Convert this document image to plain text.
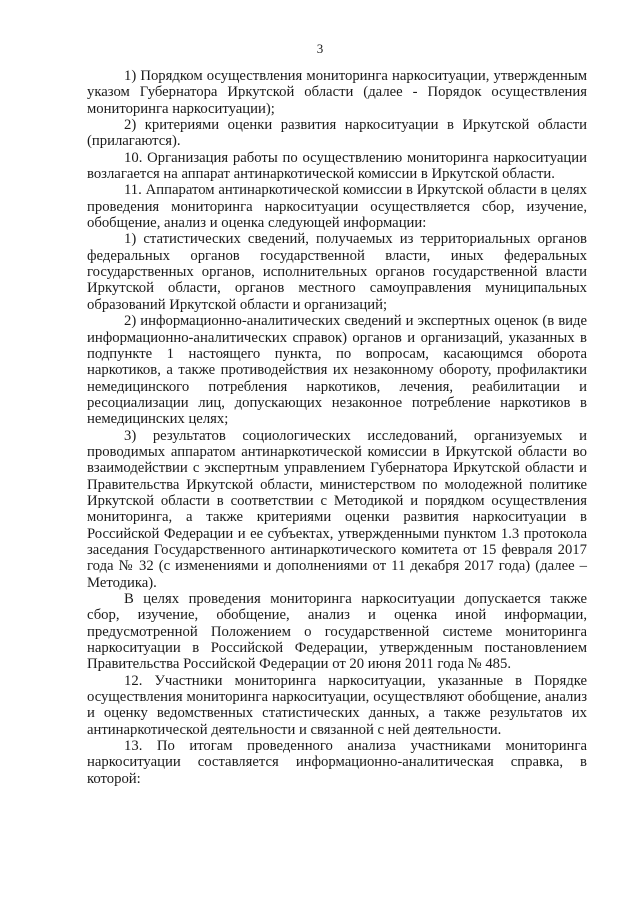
3

1) Порядком осуществления мониторинга наркоситуации, утвержденным указом Губернатора Иркутской области (далее - Порядок осуществления мониторинга наркоситуации);

2) критериями оценки развития наркоситуации в Иркутской области (прилагаются).

10. Организация работы по осуществлению мониторинга наркоситуации возлагается на аппарат антинаркотической комиссии в Иркутской области.

11. Аппаратом антинаркотической комиссии в Иркутской области в целях проведения мониторинга наркоситуации осуществляется сбор, изучение, обобщение, анализ и оценка следующей информации:

1) статистических сведений, получаемых из территориальных органов федеральных органов государственной власти, иных федеральных государственных органов, исполнительных органов государственной власти Иркутской области, органов местного самоуправления муниципальных образований Иркутской области и организаций;

2) информационно-аналитических сведений и экспертных оценок (в виде информационно-аналитических справок) органов и организаций, указанных в подпункте 1 настоящего пункта, по вопросам, касающимся оборота наркотиков, а также противодействия их незаконному обороту, профилактики немедицинского потребления наркотиков, лечения, реабилитации и ресоциализации лиц, допускающих незаконное потребление наркотиков в немедицинских целях;

3) результатов социологических исследований, организуемых и проводимых аппаратом антинаркотической комиссии в Иркутской области во взаимодействии с экспертным управлением Губернатора Иркутской области и Правительства Иркутской области, министерством по молодежной политике Иркутской области в соответствии с Методикой и порядком осуществления мониторинга, а также критериями оценки развития наркоситуации в Российской Федерации и ее субъектах, утвержденными пунктом 1.3 протокола заседания Государственного антинаркотического комитета от 15 февраля 2017 года № 32 (с изменениями и дополнениями от 11 декабря 2017 года) (далее – Методика).

В целях проведения мониторинга наркоситуации допускается также сбор, изучение, обобщение, анализ и оценка иной информации, предусмотренной Положением о государственной системе мониторинга наркоситуации в Российской Федерации, утвержденным постановлением Правительства Российской Федерации от 20 июня 2011 года № 485.

12. Участники мониторинга наркоситуации, указанные в Порядке осуществления мониторинга наркоситуации, осуществляют обобщение, анализ и оценку ведомственных статистических данных, а также результатов их антинаркотической деятельности и связанной с ней деятельности.

13. По итогам проведенного анализа участниками мониторинга наркоситуации составляется информационно-аналитическая справка, в которой:
